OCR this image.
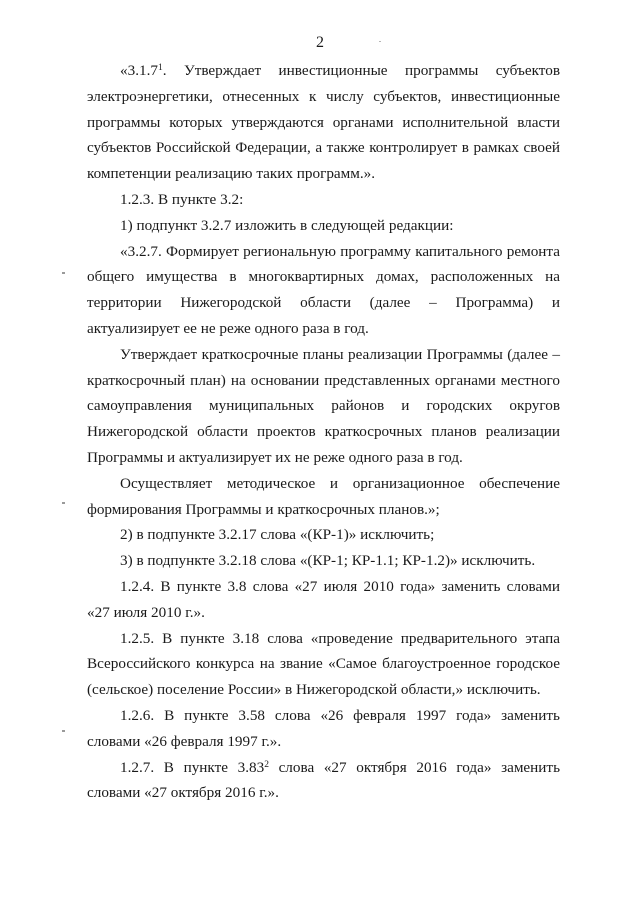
2

«3.1.7$^1$. Утверждает инвестиционные программы субъектов электроэнергетики, отнесенных к числу субъектов, инвестиционные программы которых утверждаются органами исполнительной власти субъектов Российской Федерации, а также контролирует в рамках своей компетенции реализацию таких программ.».

1.2.3. В пункте 3.2:

1) подпункт 3.2.7 изложить в следующей редакции:

«3.2.7. Формирует региональную программу капитального ремонта общего имущества в многоквартирных домах, расположенных на территории Нижегородской области (далее – Программа) и актуализирует ее не реже одного раза в год.

Утверждает краткосрочные планы реализации Программы (далее – краткосрочный план) на основании представленных органами местного самоуправления муниципальных районов и городских округов Нижегородской области проектов краткосрочных планов реализации Программы и актуализирует их не реже одного раза в год.

Осуществляет методическое и организационное обеспечение формирования Программы и краткосрочных планов.»;

2) в подпункте 3.2.17 слова «(КР-1)» исключить;

3) в подпункте 3.2.18 слова «(КР-1; КР-1.1; КР-1.2)» исключить.

1.2.4. В пункте 3.8 слова «27 июля 2010 года» заменить словами «27 июля 2010 г.».

1.2.5. В пункте 3.18 слова «проведение предварительного этапа Всероссийского конкурса на звание «Самое благоустроенное городское (сельское) поселение России» в Нижегородской области,» исключить.

1.2.6. В пункте 3.58 слова «26 февраля 1997 года» заменить словами «26 февраля 1997 г.».

1.2.7. В пункте 3.83$^2$ слова «27 октября 2016 года» заменить словами «27 октября 2016 г.».
